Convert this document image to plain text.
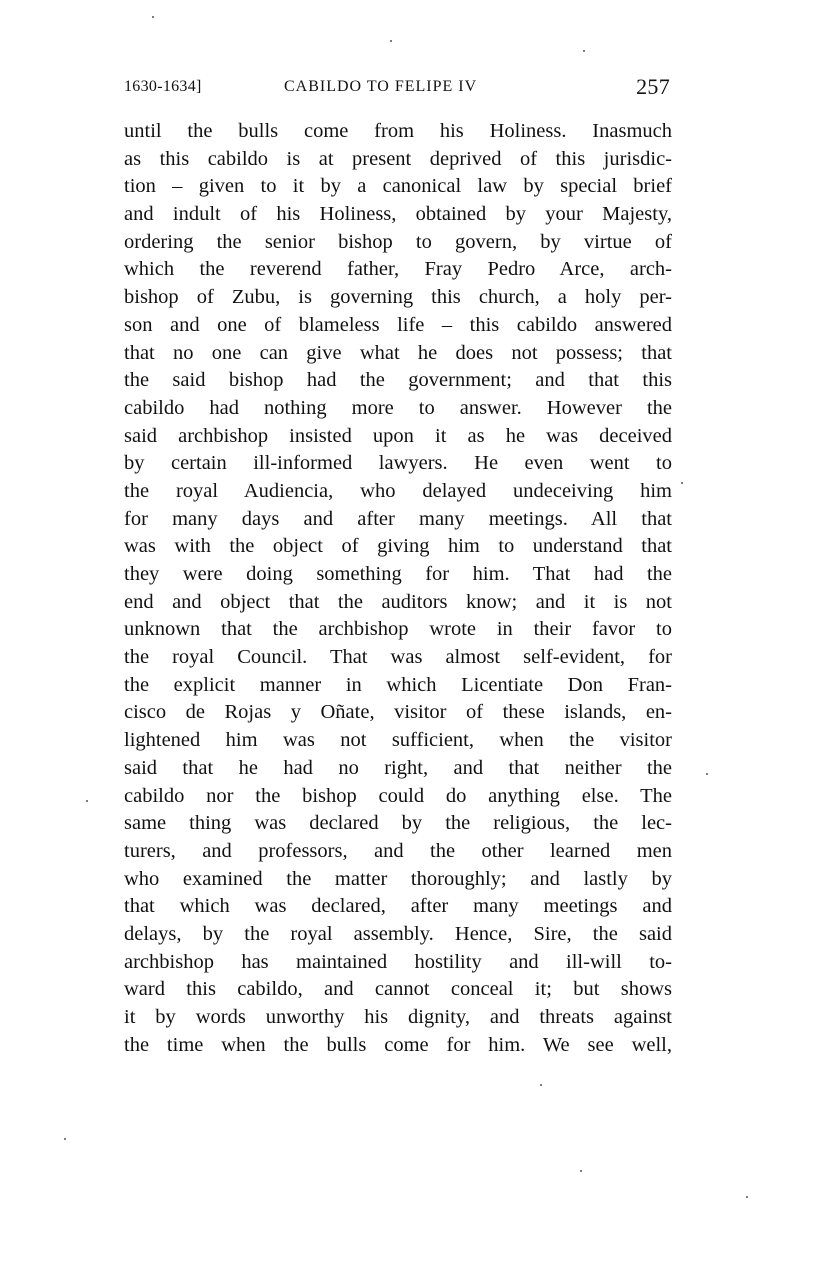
1630-1634]	CABILDO TO FELIPE IV	257
until the bulls come from his Holiness. Inasmuch
as this cabildo is at present deprived of this jurisdic-
tion – given to it by a canonical law by special brief
and indult of his Holiness, obtained by your Majesty,
ordering the senior bishop to govern, by virtue of
which the reverend father, Fray Pedro Arce, arch-
bishop of Zubu, is governing this church, a holy per-
son and one of blameless life – this cabildo answered
that no one can give what he does not possess; that
the said bishop had the government; and that this
cabildo had nothing more to answer. However the
said archbishop insisted upon it as he was deceived
by certain ill-informed lawyers. He even went to
the royal Audiencia, who delayed undeceiving him
for many days and after many meetings. All that
was with the object of giving him to understand that
they were doing something for him. That had the
end and object that the auditors know; and it is not
unknown that the archbishop wrote in their favor to
the royal Council. That was almost self-evident, for
the explicit manner in which Licentiate Don Fran-
cisco de Rojas y Oñate, visitor of these islands, en-
lightened him was not sufficient, when the visitor
said that he had no right, and that neither the
cabildo nor the bishop could do anything else. The
same thing was declared by the religious, the lec-
turers, and professors, and the other learned men
who examined the matter thoroughly; and lastly by
that which was declared, after many meetings and
delays, by the royal assembly. Hence, Sire, the said
archbishop has maintained hostility and ill-will to-
ward this cabildo, and cannot conceal it; but shows
it by words unworthy his dignity, and threats against
the time when the bulls come for him. We see well,
